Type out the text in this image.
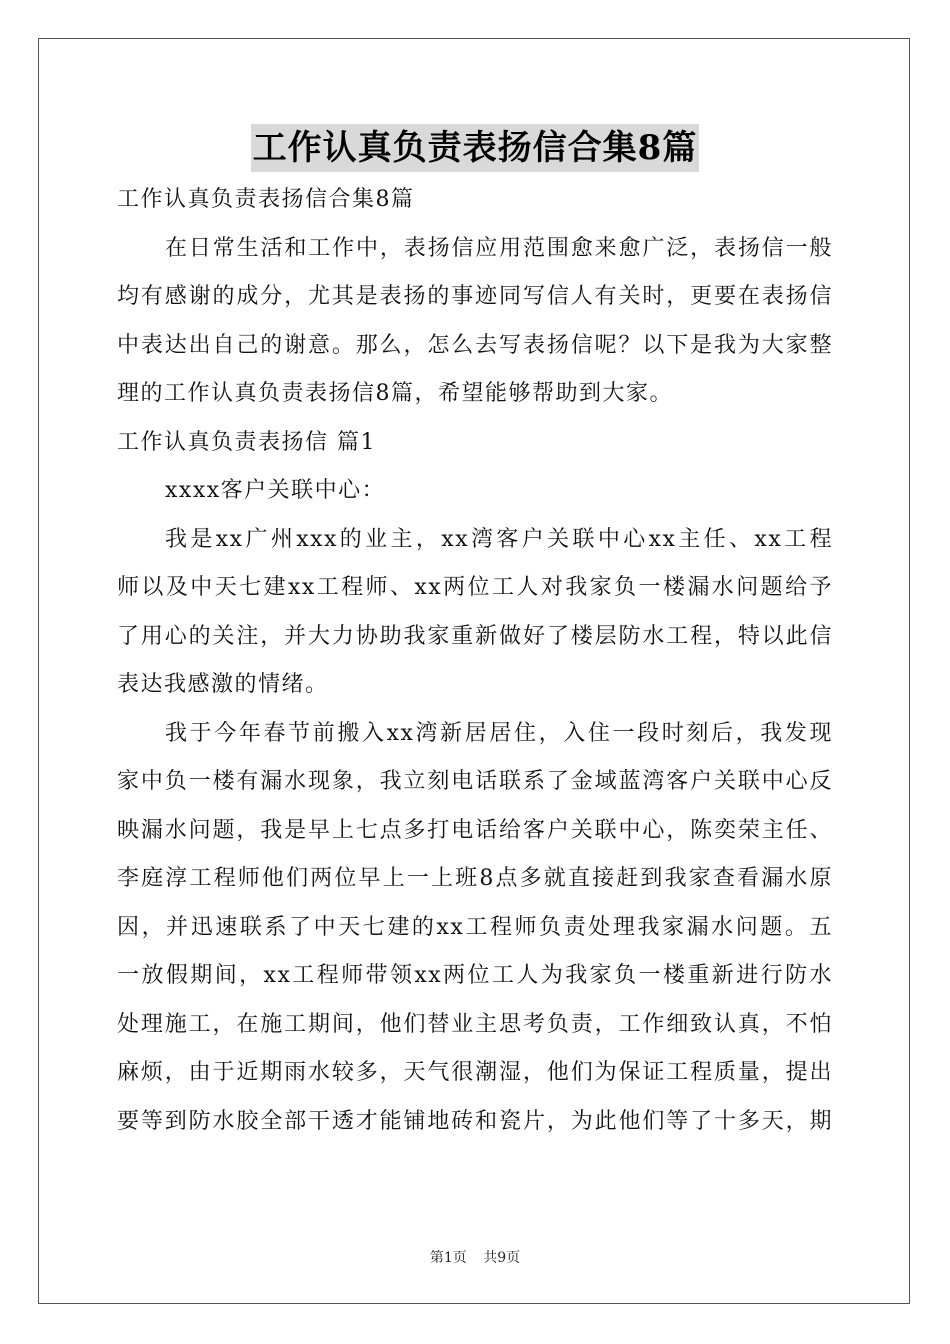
工作认真负责表扬信合集8篇
工作认真负责表扬信合集8篇
在日常生活和工作中，表扬信应用范围愈来愈广泛，表扬信一般
均有感谢的成分，尤其是表扬的事迹同写信人有关时，更要在表扬信
中表达出自己的谢意。那么，怎么去写表扬信呢？以下是我为大家整
理的工作认真负责表扬信8篇，希望能够帮助到大家。
工作认真负责表扬信 篇1
xxxx客户关联中心：
我是xx广州xxx的业主，xx湾客户关联中心xx主任、xx工程
师以及中天七建xx工程师、xx两位工人对我家负一楼漏水问题给予
了用心的关注，并大力协助我家重新做好了楼层防水工程，特以此信
表达我感激的情绪。
我于今年春节前搬入xx湾新居居住，入住一段时刻后，我发现
家中负一楼有漏水现象，我立刻电话联系了金域蓝湾客户关联中心反
映漏水问题，我是早上七点多打电话给客户关联中心，陈奕荣主任、
李庭淳工程师他们两位早上一上班8点多就直接赶到我家查看漏水原
因，并迅速联系了中天七建的xx工程师负责处理我家漏水问题。五
一放假期间，xx工程师带领xx两位工人为我家负一楼重新进行防水
处理施工，在施工期间，他们替业主思考负责，工作细致认真，不怕
麻烦，由于近期雨水较多，天气很潮湿，他们为保证工程质量，提出
要等到防水胶全部干透才能铺地砖和瓷片，为此他们等了十多天，期
第1页 共9页
